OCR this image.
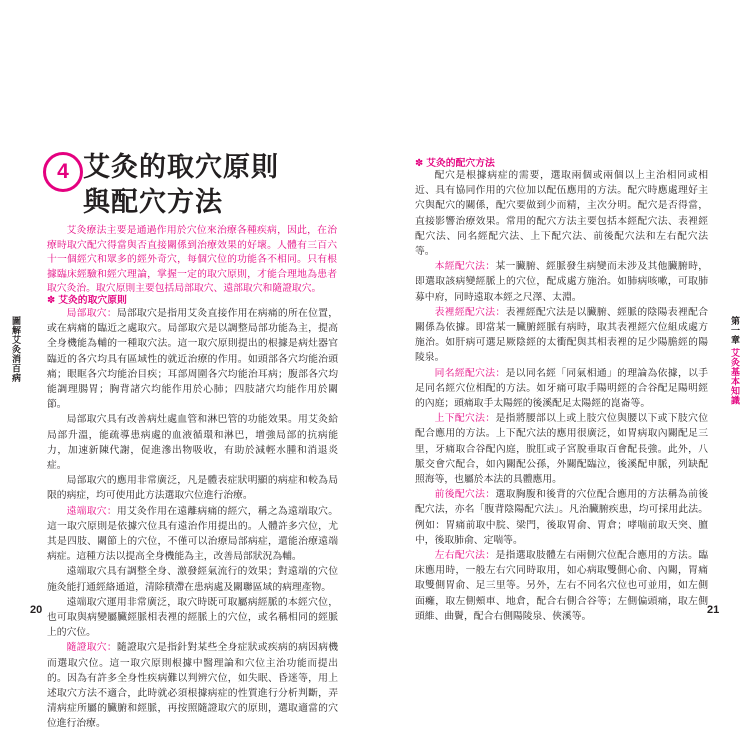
4 艾灸的取穴原則
與配穴方法

艾灸療法主要是通過作用於穴位來治療各種疾病，因此，在治療時取穴配穴得當與否直接關係到治療效果的好壞。人體有三百六十一個經穴和眾多的經外奇穴，每個穴位的功能各不相同。只有根據臨床經驗和經穴理論，掌握一定的取穴原則，才能合理地為患者取穴灸治。取穴原則主要包括局部取穴、遠部取穴和隨證取穴。

✽ 艾灸的取穴原則

局部取穴：局部取穴是指用艾灸直接作用在病痛的所在位置，或在病痛的臨近之處取穴。局部取穴是以調整局部功能為主，提高全身機能為輔的一種取穴法。這一取穴原則提出的根據是病灶器官臨近的各穴均具有區域性的就近治療的作用。如頭部各穴均能治頭痛；眼眶各穴均能治目疾；耳部周圍各穴均能治耳病；腹部各穴均能調理腸胃；胸背諸穴均能作用於心肺；四肢諸穴均能作用於關節。

局部取穴具有改善病灶處血管和淋巴管的功能效果。用艾灸給局部升溫，能疏導患病處的血液循環和淋巴，增強局部的抗病能力，加速新陳代謝，促進滲出物吸收，有助於減輕水腫和消退炎症。

局部取穴的應用非常廣泛，凡是體表症狀明顯的病症和較為局限的病症，均可使用此方法選取穴位進行治療。

遠端取穴：用艾灸作用在遠離病痛的經穴，稱之為遠端取穴。這一取穴原則是依據穴位具有遠治作用提出的。人體許多穴位，尤其是四肢、關節上的穴位，不僅可以治療局部病症，還能治療遠端病症。這種方法以提高全身機能為主，改善局部狀況為輔。

遠端取穴具有調整全身、激發經氣流行的效果；對遠端的穴位施灸能打通經絡通道，清除積滯在患病處及關聯區域的病理產物。

遠端取穴運用非常廣泛，取穴時既可取屬病經脈的本經穴位，也可取與病變屬臟經脈相表裡的經脈上的穴位，或名稱相同的經脈上的穴位。

隨證取穴：隨證取穴是指針對某些全身症狀或疾病的病因病機而選取穴位。這一取穴原則根據中醫理論和穴位主治功能而提出的。因為有許多全身性疾病難以判辨穴位，如失眠、昏迷等，用上述取穴方法不適合，此時就必須根據病症的性質進行分析判斷，弄清病症所屬的臟腑和經脈，再按照隨證取穴的原則，選取適當的穴位進行治療。

20
圖解艾灸消百病
✽ 艾灸的配穴方法

配穴是根據病症的需要，選取兩個或兩個以上主治相同或相近、具有協同作用的穴位加以配伍應用的方法。配穴時應處理好主穴與配穴的關係，配穴要做到少而精，主次分明。配穴是否得當，直接影響治療效果。常用的配穴方法主要包括本經配穴法、表裡經配穴法、同名經配穴法、上下配穴法、前後配穴法和左右配穴法等。

本經配穴法：某一臟腑、經脈發生病變而未涉及其他臟腑時，即選取該病變經脈上的穴位，配成處方施治。如肺病咳嗽，可取肺募中府，同時遠取本經之尺澤、太淵。

表裡經配穴法：表裡經配穴法是以臟腑、經脈的陰陽表裡配合關係為依據。即當某一臟腑經脈有病時，取其表裡經穴位組成處方施治。如肝病可選足厥陰經的太衝配與其相表裡的足少陽膽經的陽陵泉。

同名經配穴法：是以同名經「同氣相通」的理論為依據，以手足同名經穴位相配的方法。如牙痛可取手陽明經的合谷配足陽明經的內庭；頭痛取手太陽經的後溪配足太陽經的崑崙等。

上下配穴法：是指將腰部以上或上肢穴位與腰以下或下肢穴位配合應用的方法。上下配穴法的應用很廣泛，如胃病取內關配足三里，牙痛取合谷配內庭，脫肛或子宮脫垂取百會配長強。此外，八脈交會穴配合，如內關配公孫，外關配臨泣，後溪配申脈，列缺配照海等，也屬於本法的具體應用。

前後配穴法：選取胸腹和後背的穴位配合應用的方法稱為前後配穴法，亦名「腹背陰陽配穴法」。凡治臟腑疾患，均可採用此法。例如：胃痛前取中脘、梁門，後取胃俞、胃倉；哮喘前取天突、膻中，後取肺俞、定喘等。

左右配穴法：是指選取肢體左右兩側穴位配合應用的方法。臨床應用時，一般左右穴同時取用，如心病取雙側心俞、內關，胃痛取雙側胃俞、足三里等。另外，左右不同名穴位也可並用，如左側面癱，取左側頰車、地倉，配合右側合谷等；左側偏頭痛，取左側頭維、曲鬢，配合右側陽陵泉、俠溪等。

21
第一章 艾灸基本知識
